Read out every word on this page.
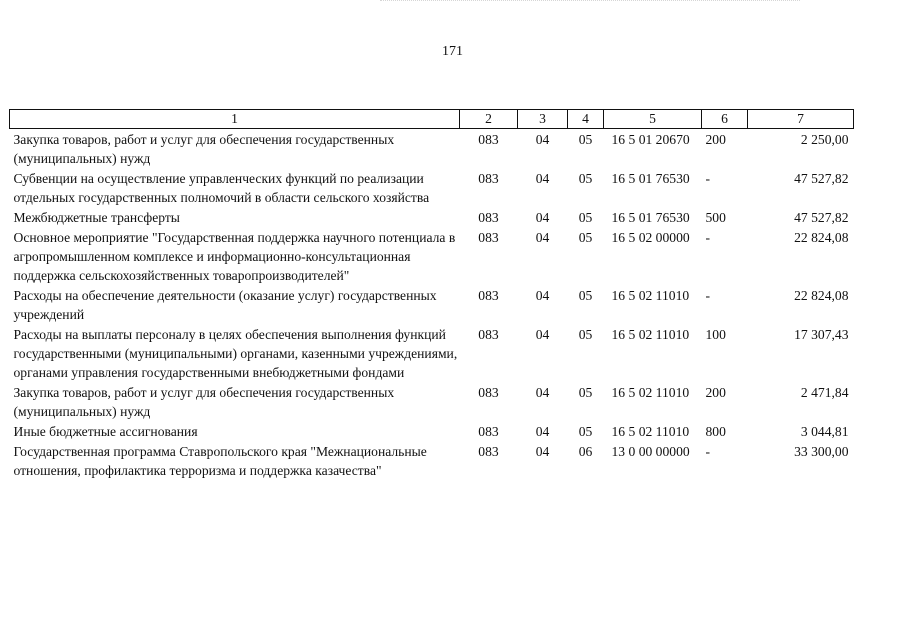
171
1	2	3	4	5	6	7
Закупка товаров, работ и услуг для обеспечения государственных (муниципальных) нужд	083	04	05	16 5 01 20670	200	2 250,00
Субвенции на осуществление управленческих функций по реализации отдельных государственных полномочий в области сельского хозяйства	083	04	05	16 5 01 76530	-	47 527,82
Межбюджетные трансферты	083	04	05	16 5 01 76530	500	47 527,82
Основное мероприятие "Государственная поддержка научного потенциала в агропромышленном комплексе и информационно-консультационная поддержка сельскохозяйственных товаропроизводителей"	083	04	05	16 5 02 00000	-	22 824,08
Расходы на обеспечение деятельности (оказание услуг) государственных учреждений	083	04	05	16 5 02 11010	-	22 824,08
Расходы на выплаты персоналу в целях обеспечения выполнения функций государственными (муниципальными) органами, казенными учреждениями, органами управления государственными внебюджетными фондами	083	04	05	16 5 02 11010	100	17 307,43
Закупка товаров, работ и услуг для обеспечения государственных (муниципальных) нужд	083	04	05	16 5 02 11010	200	2 471,84
Иные бюджетные ассигнования	083	04	05	16 5 02 11010	800	3 044,81
Государственная программа Ставропольского края "Межнациональные отношения, профилактика терроризма и поддержка казачества"	083	04	06	13 0 00 00000	-	33 300,00
